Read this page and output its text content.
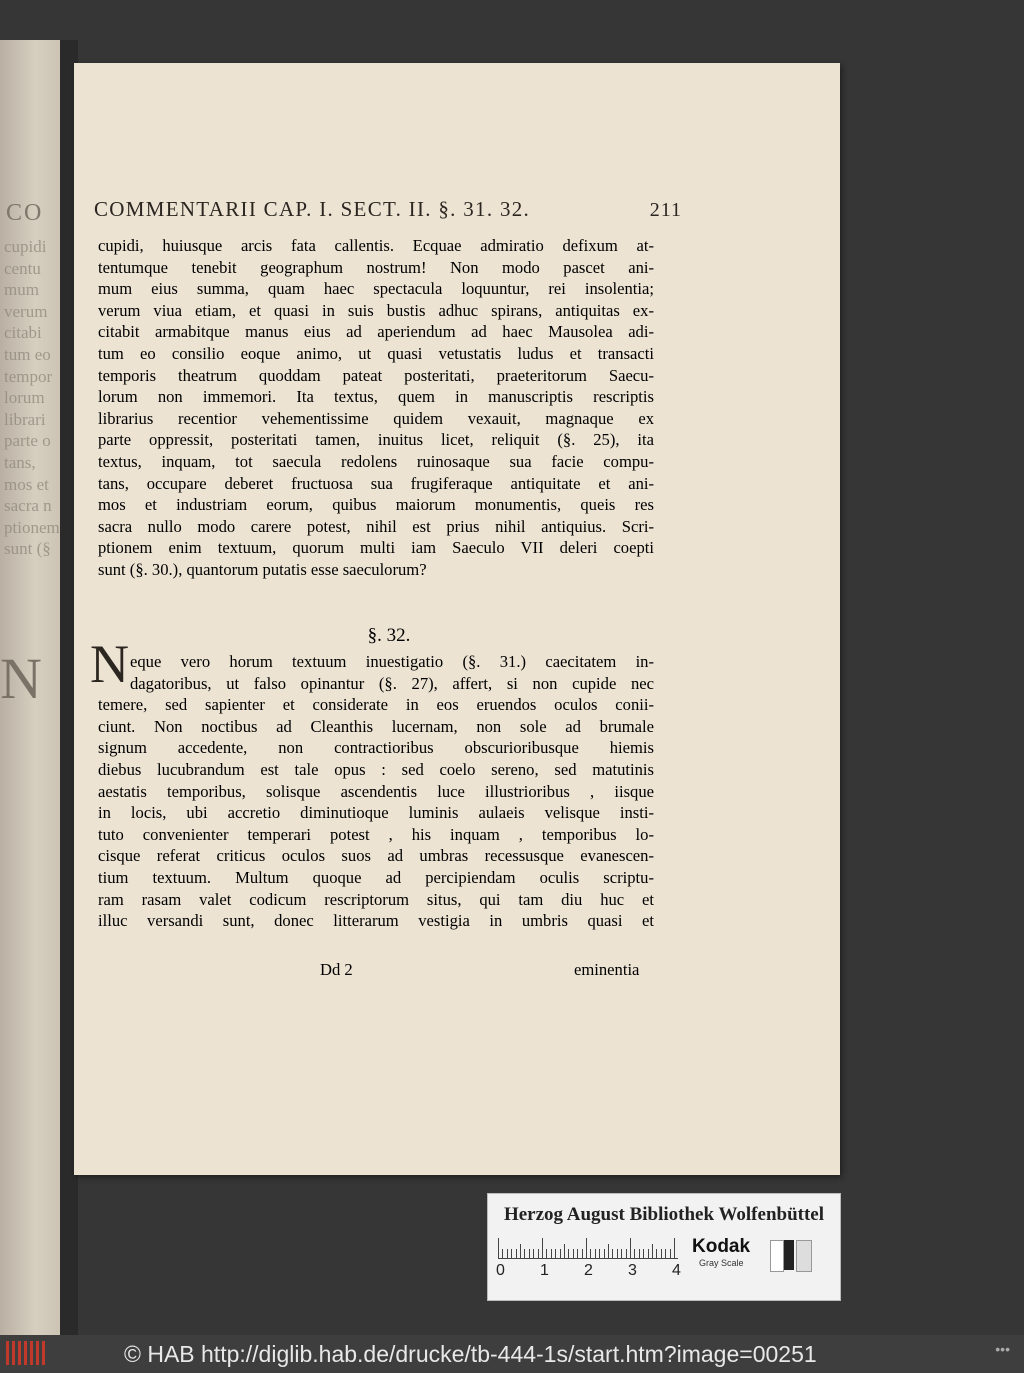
CO
cupidi
centu
mum
verum
citabi
tum eo
tempor
lorum
librari
parte o
tans,
mos et
sacra n
ptionem
sunt (§
N
COMMENTARII CAP. I. SECT. II. §. 31. 32.	211
cupidi, huiusque arcis fata callentis. Ecquae admiratio defixum at-
tentumque tenebit geographum nostrum! Non modo pascet ani-
mum eius summa, quam haec spectacula loquuntur, rei insolentia;
verum viua etiam, et quasi in suis bustis adhuc spirans, antiquitas ex-
citabit armabitque manus eius ad aperiendum ad haec Mausolea adi-
tum eo consilio eoque animo, ut quasi vetustatis ludus et transacti
temporis theatrum quoddam pateat posteritati, praeteritorum Saecu-
lorum non immemori. Ita textus, quem in manuscriptis rescriptis
librarius recentior vehementissime quidem vexauit, magnaque ex
parte oppressit, posteritati tamen, inuitus licet, reliquit (§. 25), ita
textus, inquam, tot saecula redolens ruinosaque sua facie compu-
tans, occupare deberet fructuosa sua frugiferaque antiquitate et ani-
mos et industriam eorum, quibus maiorum monumentis, queis res
sacra nullo modo carere potest, nihil est prius nihil antiquius. Scri-
ptionem enim textuum, quorum multi iam Saeculo VII deleri coepti
sunt (§. 30.), quantorum putatis esse saeculorum?
§. 32.
N eque vero horum textuum inuestigatio (§. 31.) caecitatem in-
dagatoribus, ut falso opinantur (§. 27), affert, si non cupide nec
temere, sed sapienter et considerate in eos eruendos oculos conii-
ciunt. Non noctibus ad Cleanthis lucernam, non sole ad brumale
signum accedente, non contractioribus obscurioribusque hiemis
diebus lucubrandum est tale opus : sed coelo sereno, sed matutinis
aestatis temporibus, solisque ascendentis luce illustrioribus , iisque
in locis, ubi accretio diminutioque luminis aulaeis velisque insti-
tuto convenienter temperari potest , his inquam , temporibus lo-
cisque referat criticus oculos suos ad umbras recessusque evanescen-
tium textuum. Multum quoque ad percipiendam oculis scriptu-
ram rasam valet codicum rescriptorum situs, qui tam diu huc et
illuc versandi sunt, donec litterarum vestigia in umbris quasi et
Dd 2	eminentia
Herzog August Bibliothek Wolfenbüttel
0 1 2 3 4
Kodak
Gray Scale
© HAB http://diglib.hab.de/drucke/tb-444-1s/start.htm?image=00251	•••
